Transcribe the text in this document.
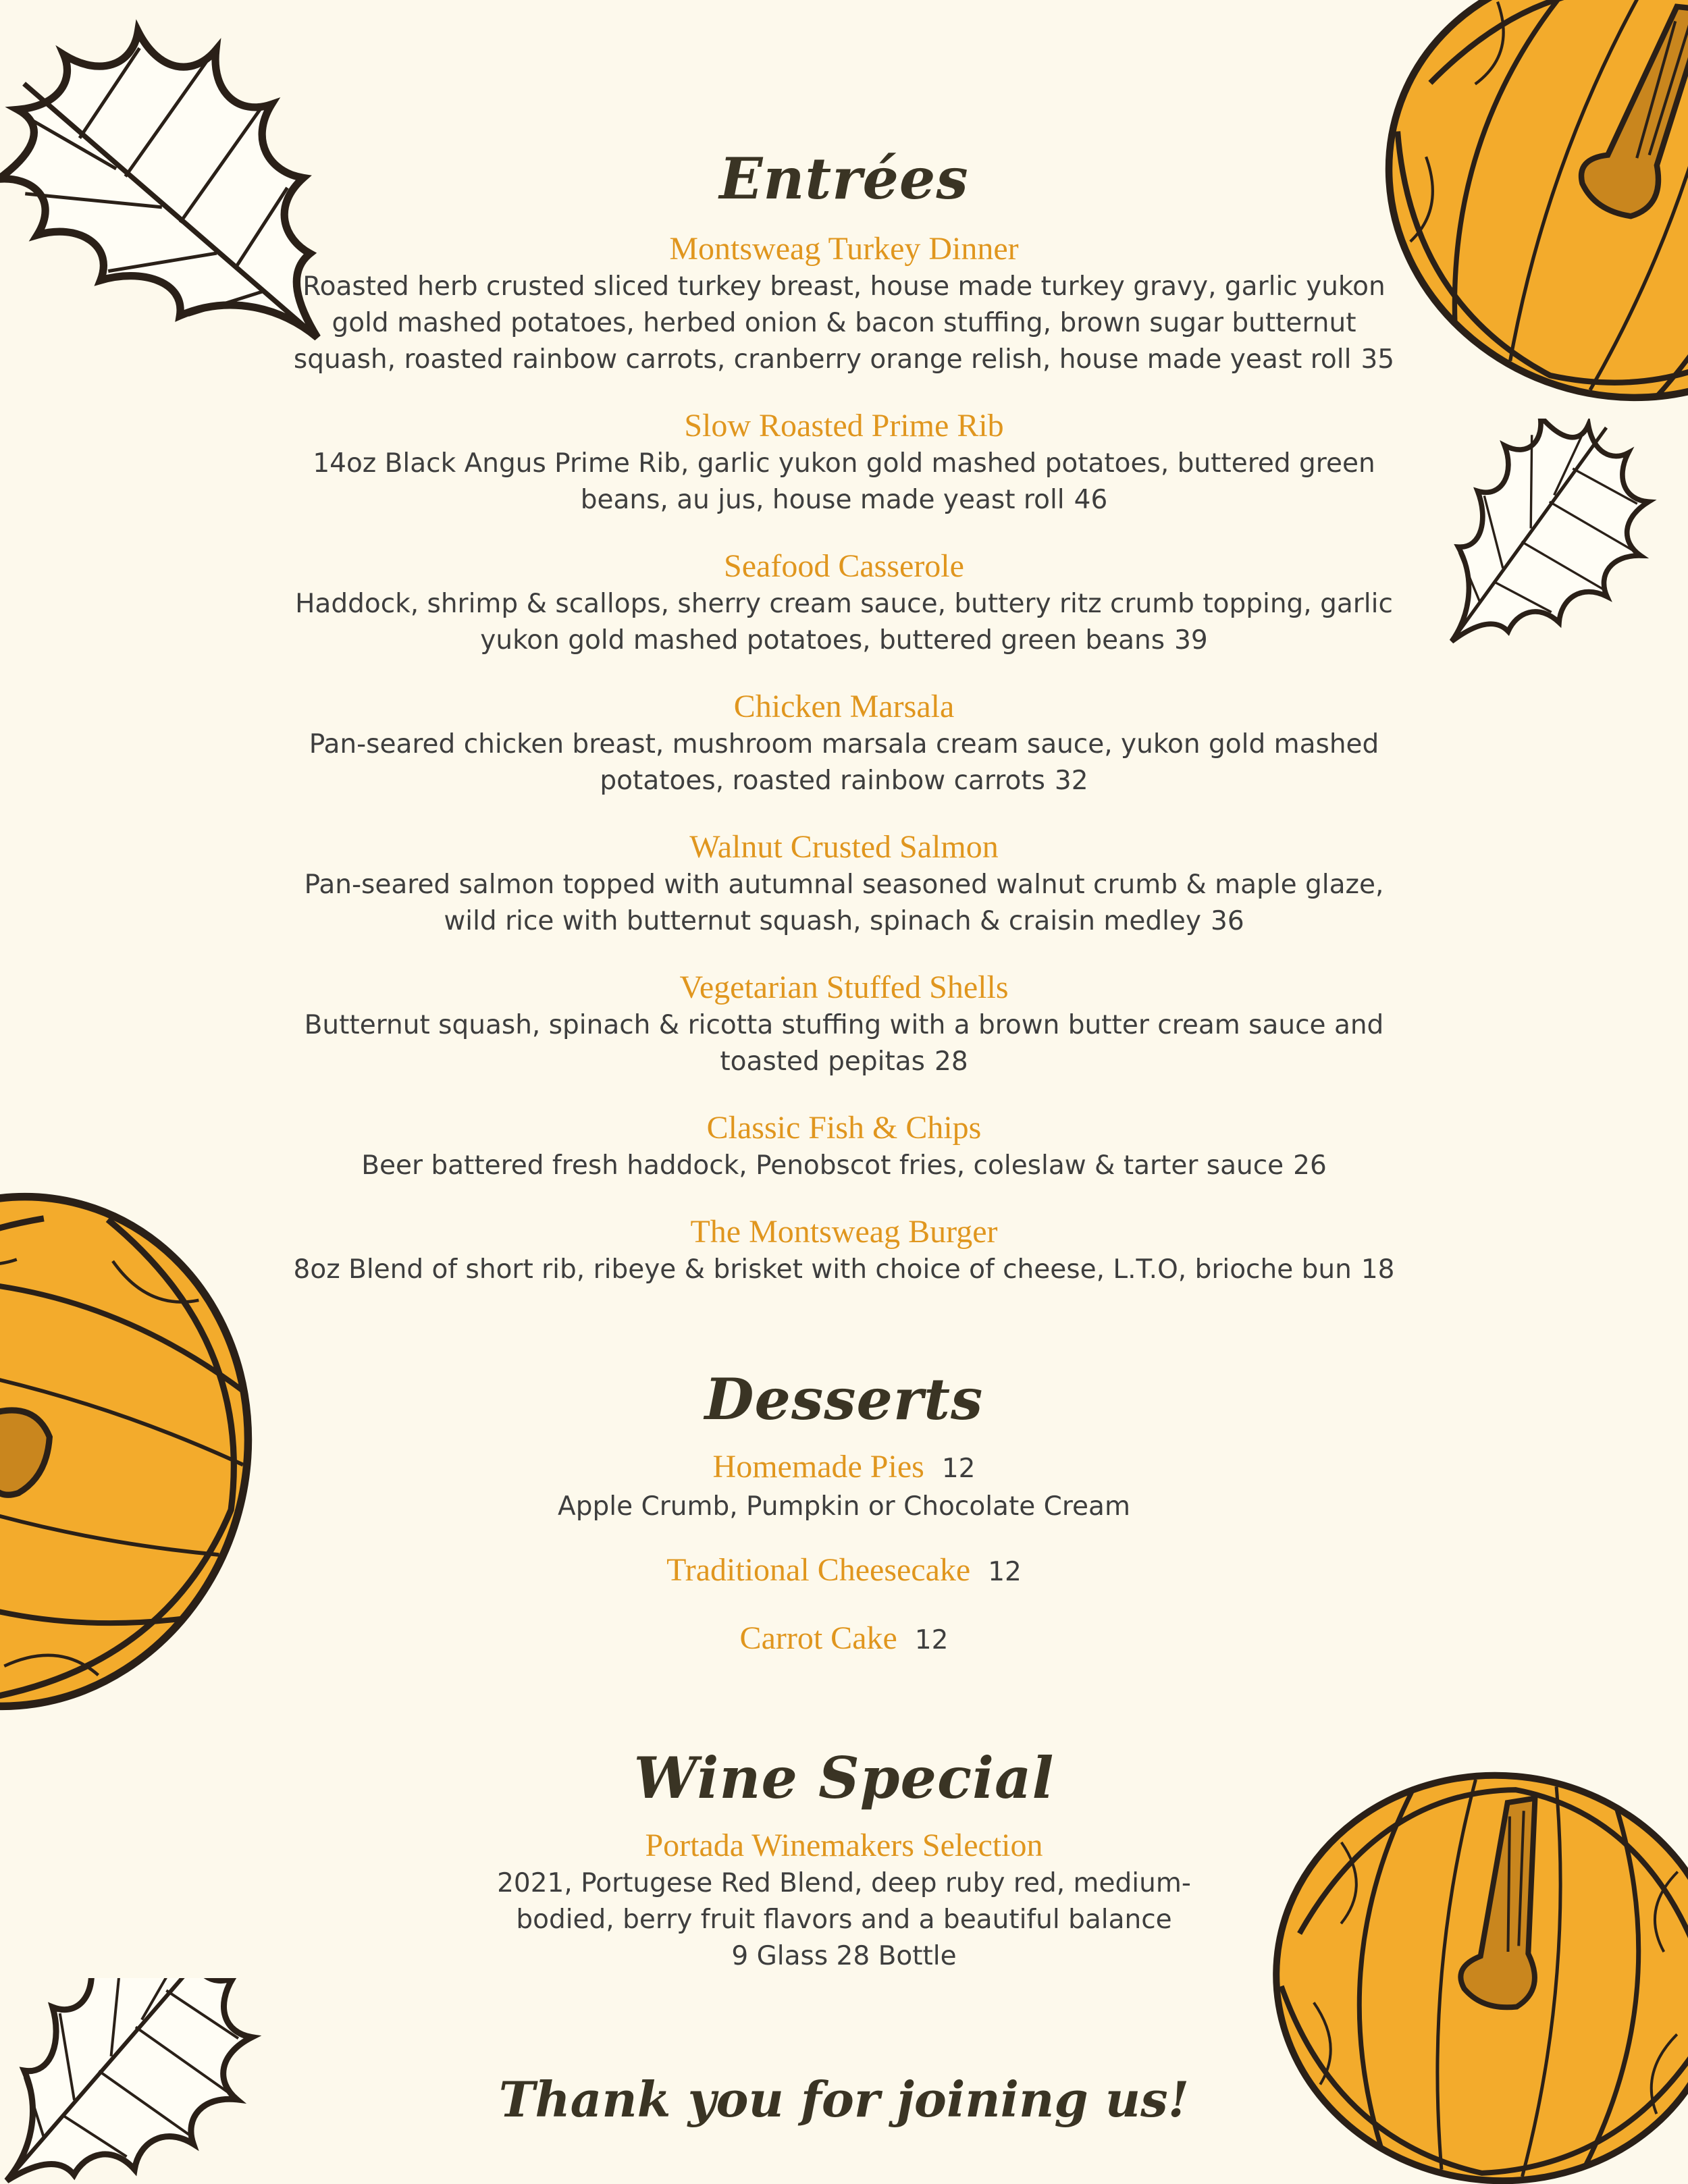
Entrées
Montsweag Turkey Dinner
Roasted herb crusted sliced turkey breast, house made turkey gravy, garlic yukon gold mashed potatoes, herbed onion & bacon stuffing, brown sugar butternut squash, roasted rainbow carrots, cranberry orange relish, house made yeast roll 35
Slow Roasted Prime Rib
14oz Black Angus Prime Rib, garlic yukon gold mashed potatoes, buttered green beans, au jus, house made yeast roll 46
Seafood Casserole
Haddock, shrimp & scallops, sherry cream sauce, buttery ritz crumb topping, garlic yukon gold mashed potatoes, buttered green beans 39
Chicken Marsala
Pan-seared chicken breast, mushroom marsala cream sauce, yukon gold mashed potatoes, roasted rainbow carrots 32
Walnut Crusted Salmon
Pan-seared salmon topped with autumnal seasoned walnut crumb & maple glaze, wild rice with butternut squash, spinach & craisin medley 36
Vegetarian Stuffed Shells
Butternut squash, spinach & ricotta stuffing with a brown butter cream sauce and toasted pepitas 28
Classic Fish & Chips
Beer battered fresh haddock, Penobscot fries, coleslaw & tarter sauce 26
The Montsweag Burger
8oz Blend of short rib, ribeye & brisket with choice of cheese, L.T.O, brioche bun 18
Desserts
Homemade Pies 12
Apple Crumb, Pumpkin or Chocolate Cream
Traditional Cheesecake 12
Carrot Cake 12
Wine Special
Portada Winemakers Selection
2021, Portugese Red Blend, deep ruby red, medium-
bodied, berry fruit flavors and a beautiful balance
9 Glass 28 Bottle
Thank you for joining us!
